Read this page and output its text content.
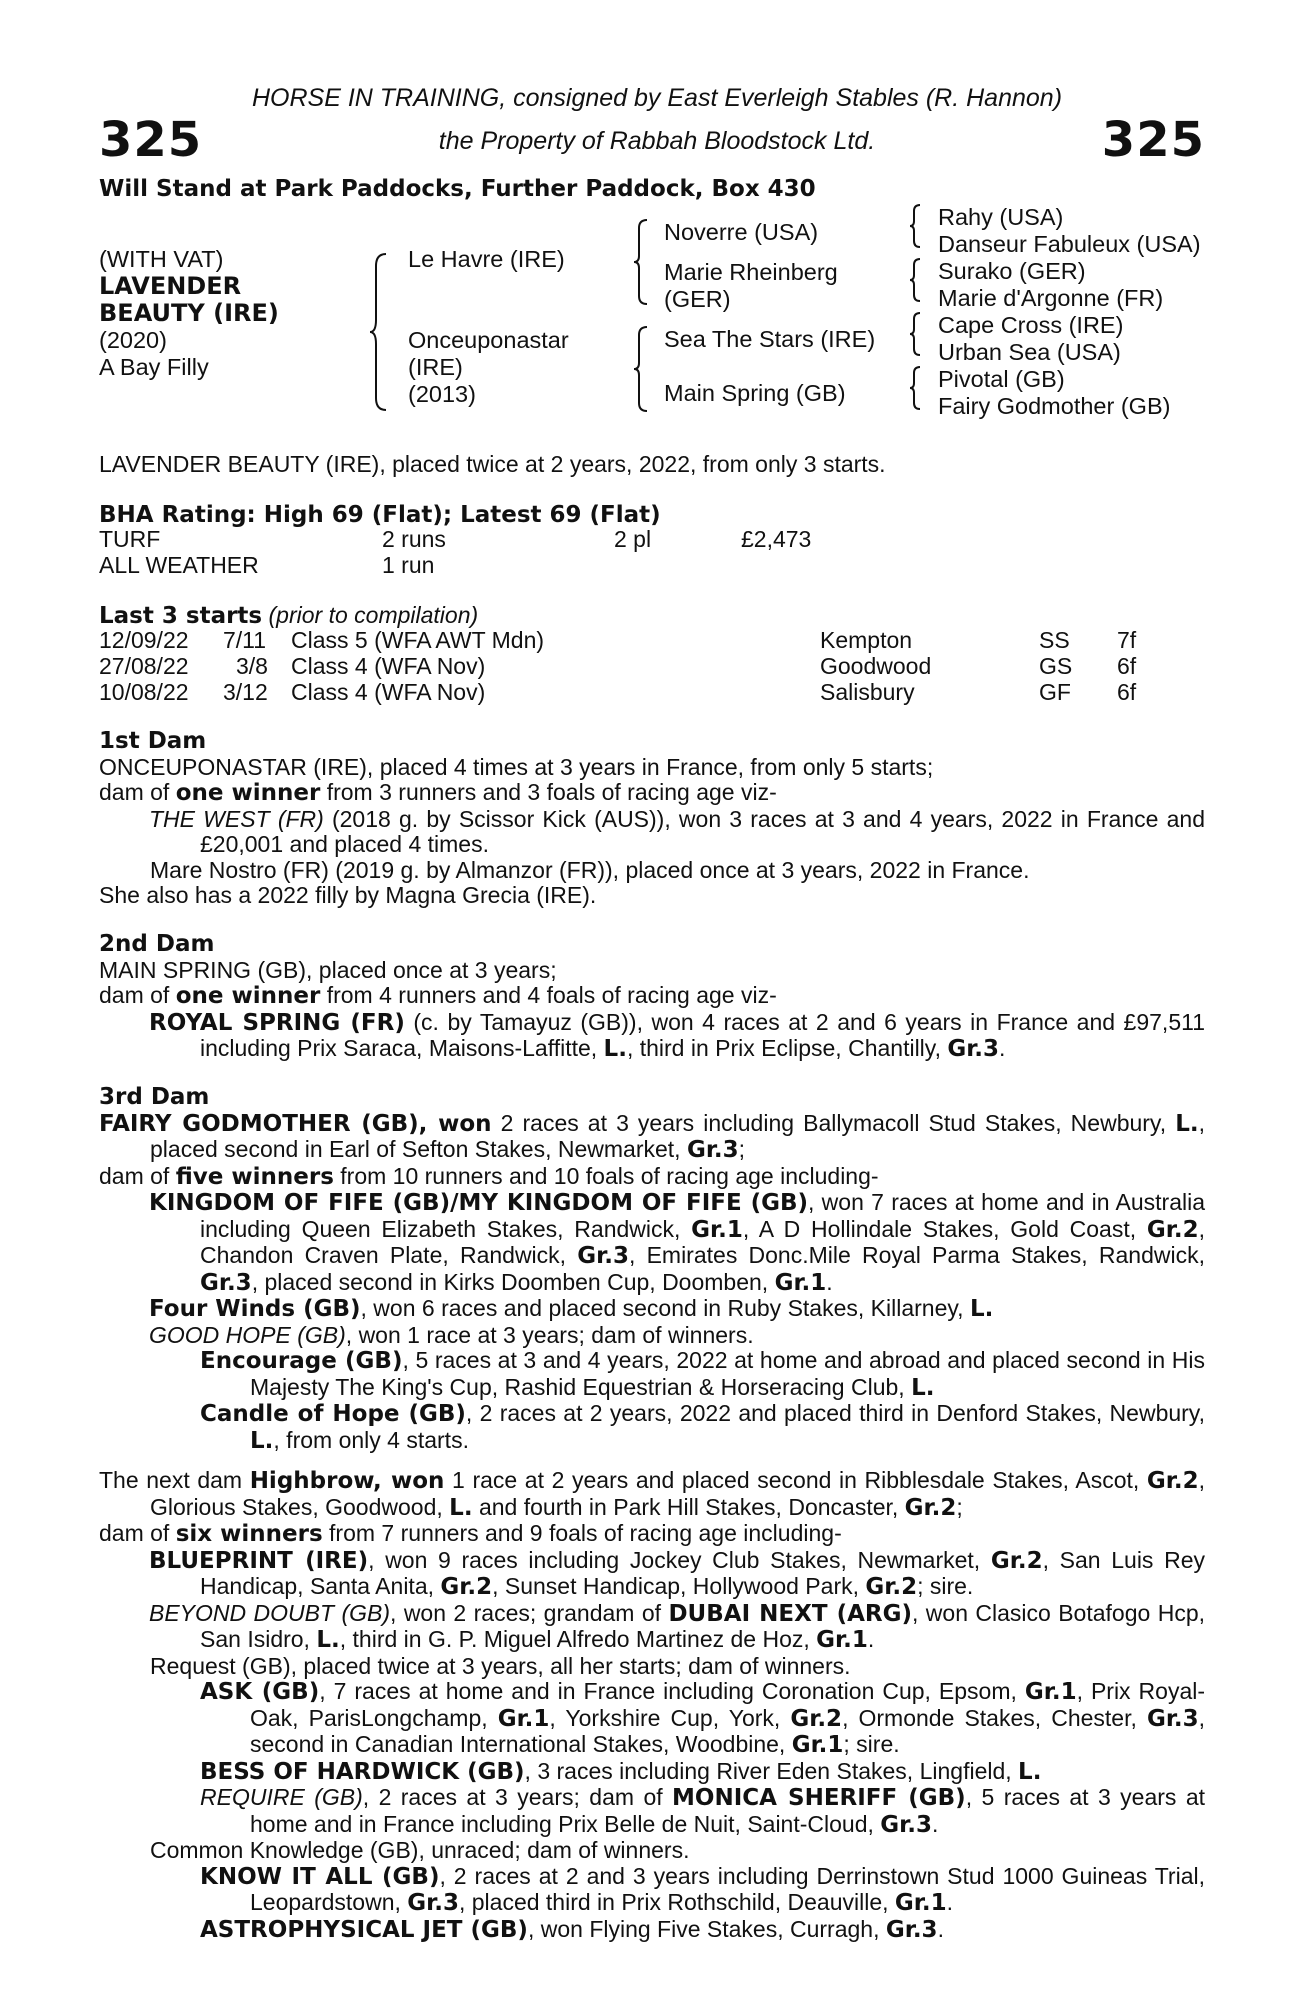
HORSE IN TRAINING, consigned by East Everleigh Stables (R. Hannon)
325	the Property of Rabbah Bloodstock Ltd.	325
Will Stand at Park Paddocks, Further Paddock, Box 430
(WITH VAT)
LAVENDER
BEAUTY (IRE)
(2020)
A Bay Filly
Le Havre (IRE)
Onceuponastar
(IRE)
(2013)
Noverre (USA)
Marie Rheinberg
(GER)
Sea The Stars (IRE)
Main Spring (GB)
Rahy (USA)
Danseur Fabuleux (USA)
Surako (GER)
Marie d'Argonne (FR)
Cape Cross (IRE)
Urban Sea (USA)
Pivotal (GB)
Fairy Godmother (GB)
LAVENDER BEAUTY (IRE), placed twice at 2 years, 2022, from only 3 starts.
BHA Rating: High 69 (Flat); Latest 69 (Flat)
TURF	2 runs	2 pl	£2,473
ALL WEATHER	1 run
Last 3 starts (prior to compilation)
12/09/22 7/11 Class 5 (WFA AWT Mdn)	Kempton	SS 7f
27/08/22 3/8 Class 4 (WFA Nov)	Goodwood	GS 6f
10/08/22 3/12 Class 4 (WFA Nov)	Salisbury	GF 6f
1st Dam
ONCEUPONASTAR (IRE), placed 4 times at 3 years in France, from only 5 starts;
dam of one winner from 3 runners and 3 foals of racing age viz-
THE WEST (FR) (2018 g. by Scissor Kick (AUS)), won 3 races at 3 and 4 years, 2022 in France and £20,001 and placed 4 times.
Mare Nostro (FR) (2019 g. by Almanzor (FR)), placed once at 3 years, 2022 in France.
She also has a 2022 filly by Magna Grecia (IRE).
2nd Dam
MAIN SPRING (GB), placed once at 3 years;
dam of one winner from 4 runners and 4 foals of racing age viz-
ROYAL SPRING (FR) (c. by Tamayuz (GB)), won 4 races at 2 and 6 years in France and £97,511 including Prix Saraca, Maisons-Laffitte, L., third in Prix Eclipse, Chantilly, Gr.3.
3rd Dam
FAIRY GODMOTHER (GB), won 2 races at 3 years including Ballymacoll Stud Stakes, Newbury, L., placed second in Earl of Sefton Stakes, Newmarket, Gr.3;
dam of five winners from 10 runners and 10 foals of racing age including-
KINGDOM OF FIFE (GB)/MY KINGDOM OF FIFE (GB), won 7 races at home and in Australia including Queen Elizabeth Stakes, Randwick, Gr.1, A D Hollindale Stakes, Gold Coast, Gr.2, Chandon Craven Plate, Randwick, Gr.3, Emirates Donc.Mile Royal Parma Stakes, Randwick, Gr.3, placed second in Kirks Doomben Cup, Doomben, Gr.1.
Four Winds (GB), won 6 races and placed second in Ruby Stakes, Killarney, L.
GOOD HOPE (GB), won 1 race at 3 years; dam of winners.
Encourage (GB), 5 races at 3 and 4 years, 2022 at home and abroad and placed second in His Majesty The King's Cup, Rashid Equestrian & Horseracing Club, L.
Candle of Hope (GB), 2 races at 2 years, 2022 and placed third in Denford Stakes, Newbury, L., from only 4 starts.
The next dam Highbrow, won 1 race at 2 years and placed second in Ribblesdale Stakes, Ascot, Gr.2, Glorious Stakes, Goodwood, L. and fourth in Park Hill Stakes, Doncaster, Gr.2;
dam of six winners from 7 runners and 9 foals of racing age including-
BLUEPRINT (IRE), won 9 races including Jockey Club Stakes, Newmarket, Gr.2, San Luis Rey Handicap, Santa Anita, Gr.2, Sunset Handicap, Hollywood Park, Gr.2; sire.
BEYOND DOUBT (GB), won 2 races; grandam of DUBAI NEXT (ARG), won Clasico Botafogo Hcp, San Isidro, L., third in G. P. Miguel Alfredo Martinez de Hoz, Gr.1.
Request (GB), placed twice at 3 years, all her starts; dam of winners.
ASK (GB), 7 races at home and in France including Coronation Cup, Epsom, Gr.1, Prix Royal-Oak, ParisLongchamp, Gr.1, Yorkshire Cup, York, Gr.2, Ormonde Stakes, Chester, Gr.3, second in Canadian International Stakes, Woodbine, Gr.1; sire.
BESS OF HARDWICK (GB), 3 races including River Eden Stakes, Lingfield, L.
REQUIRE (GB), 2 races at 3 years; dam of MONICA SHERIFF (GB), 5 races at 3 years at home and in France including Prix Belle de Nuit, Saint-Cloud, Gr.3.
Common Knowledge (GB), unraced; dam of winners.
KNOW IT ALL (GB), 2 races at 2 and 3 years including Derrinstown Stud 1000 Guineas Trial, Leopardstown, Gr.3, placed third in Prix Rothschild, Deauville, Gr.1.
ASTROPHYSICAL JET (GB), won Flying Five Stakes, Curragh, Gr.3.
